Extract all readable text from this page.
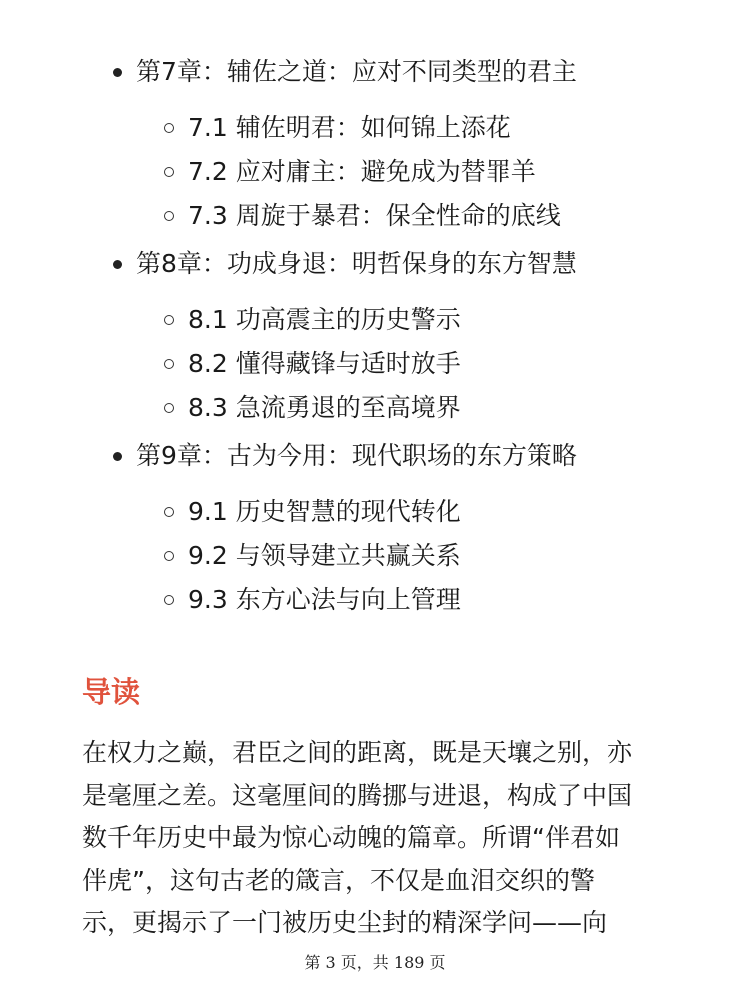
第7章：辅佐之道：应对不同类型的君主
7.1 辅佐明君：如何锦上添花
7.2 应对庸主：避免成为替罪羊
7.3 周旋于暴君：保全性命的底线
第8章：功成身退：明哲保身的东方智慧
8.1 功高震主的历史警示
8.2 懂得藏锋与适时放手
8.3 急流勇退的至高境界
第9章：古为今用：现代职场的东方策略
9.1 历史智慧的现代转化
9.2 与领导建立共赢关系
9.3 东方心法与向上管理
导读

在权力之巅，君臣之间的距离，既是天壤之别，亦
是毫厘之差。这毫厘间的腾挪与进退，构成了中国
数千年历史中最为惊心动魄的篇章。所谓“伴君如
伴虎”，这句古老的箴言，不仅是血泪交织的警
示，更揭示了一门被历史尘封的精深学问——向

第 3 页，共 189 页
